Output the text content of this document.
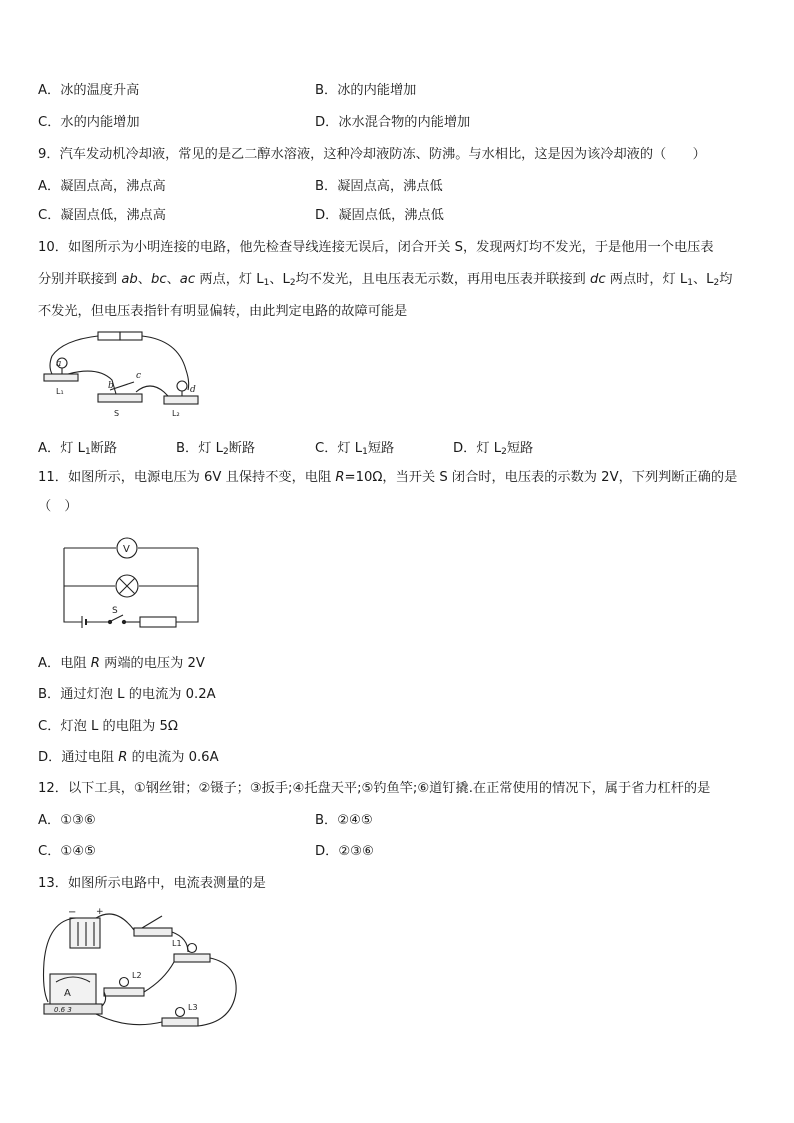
A．冰的温度升高	B．冰的内能增加
C．水的内能增加	D．冰水混合物的内能增加
9．汽车发动机冷却液，常见的是乙二醇水溶液，这种冷却液防冻、防沸。与水相比，这是因为该冷却液的（　　）
A．凝固点高，沸点高	B．凝固点高，沸点低
C．凝固点低，沸点高	D．凝固点低，沸点低
10．如图所示为小明连接的电路，他先检查导线连接无误后，闭合开关 S，发现两灯均不发光，于是他用一个电压表
分别并联接到 ab、bc、ac 两点，灯 $L_1$、$L_2$均不发光，且电压表无示数，再用电压表并联接到 dc 两点时，灯 $L_1$、$L_2$均
不发光，但电压表指针有明显偏转，由此判定电路的故障可能是
a
b
c
d
L₁
S	L₂
A．灯 $L_1$断路	B．灯 $L_2$断路	C．灯 $L_1$短路	D．灯 $L_2$短路
11．如图所示，电源电压为 6V 且保持不变，电阻 R=10Ω，当开关 S 闭合时，电压表的示数为 2V，下列判断正确的是
（　）
V
S
A．电阻 R 两端的电压为 2V
B．通过灯泡 L 的电流为 0.2A
C．灯泡 L 的电阻为 5Ω
D．通过电阻 R 的电流为 0.6A
12．以下工具，①钢丝钳；②镊子；③扳手;④托盘天平;⑤钓鱼竿;⑥道钉撬.在正常使用的情况下，属于省力杠杆的是
A．①③⑥	B．②④⑤
C．①④⑤	D．②③⑥
13．如图所示电路中，电流表测量的是
− +
L1
L2
L3
A
0.6 3
